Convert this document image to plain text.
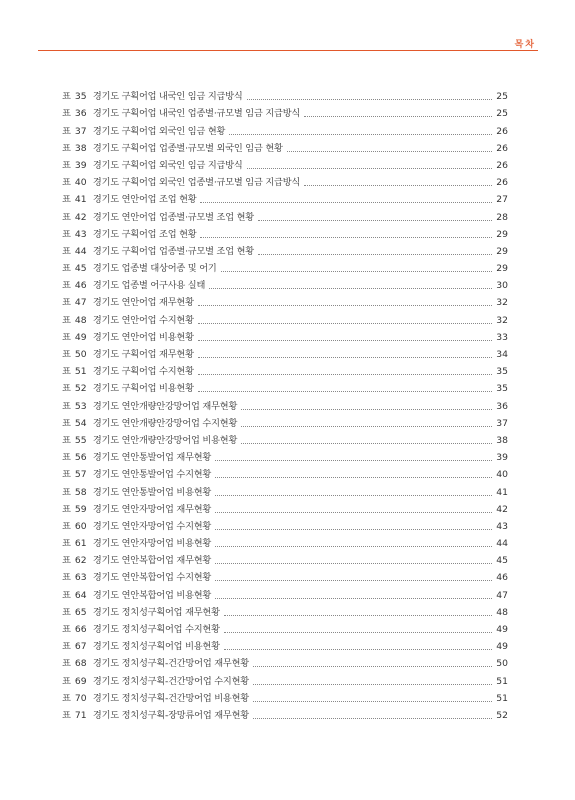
목차
표 35 경기도 구획어업 내국인 임금 지급방식	25
표 36 경기도 구획어업 내국인 업종별·규모별 임금 지급방식	25
표 37 경기도 구획어업 외국인 임금 현황	26
표 38 경기도 구획어업 업종별·규모별 외국인 임금 현황	26
표 39 경기도 구획어업 외국인 임금 지급방식	26
표 40 경기도 구획어업 외국인 업종별·규모별 임금 지급방식	26
표 41 경기도 연안어업 조업 현황	27
표 42 경기도 연안어업 업종별·규모별 조업 현황	28
표 43 경기도 구획어업 조업 현황	29
표 44 경기도 구획어업 업종별·규모별 조업 현황	29
표 45 경기도 업종별 대상어종 및 어기	29
표 46 경기도 업종별 어구사용 실태	30
표 47 경기도 연안어업 재무현황	32
표 48 경기도 연안어업 수지현황	32
표 49 경기도 연안어업 비용현황	33
표 50 경기도 구획어업 재무현황	34
표 51 경기도 구획어업 수지현황	35
표 52 경기도 구획어업 비용현황	35
표 53 경기도 연안개량안강망어업 재무현황	36
표 54 경기도 연안개량안강망어업 수지현황	37
표 55 경기도 연안개량안강망어업 비용현황	38
표 56 경기도 연안통발어업 재무현황	39
표 57 경기도 연안통발어업 수지현황	40
표 58 경기도 연안통발어업 비용현황	41
표 59 경기도 연안자망어업 재무현황	42
표 60 경기도 연안자망어업 수지현황	43
표 61 경기도 연안자망어업 비용현황	44
표 62 경기도 연안복합어업 재무현황	45
표 63 경기도 연안복합어업 수지현황	46
표 64 경기도 연안복합어업 비용현황	47
표 65 경기도 정치성구획어업 재무현황	48
표 66 경기도 정치성구획어업 수지현황	49
표 67 경기도 정치성구획어업 비용현황	49
표 68 경기도 정치성구획-건간망어업 재무현황	50
표 69 경기도 정치성구획-건간망어업 수지현황	51
표 70 경기도 정치성구획-건간망어업 비용현황	51
표 71 경기도 정치성구획-장망류어업 재무현황	52
